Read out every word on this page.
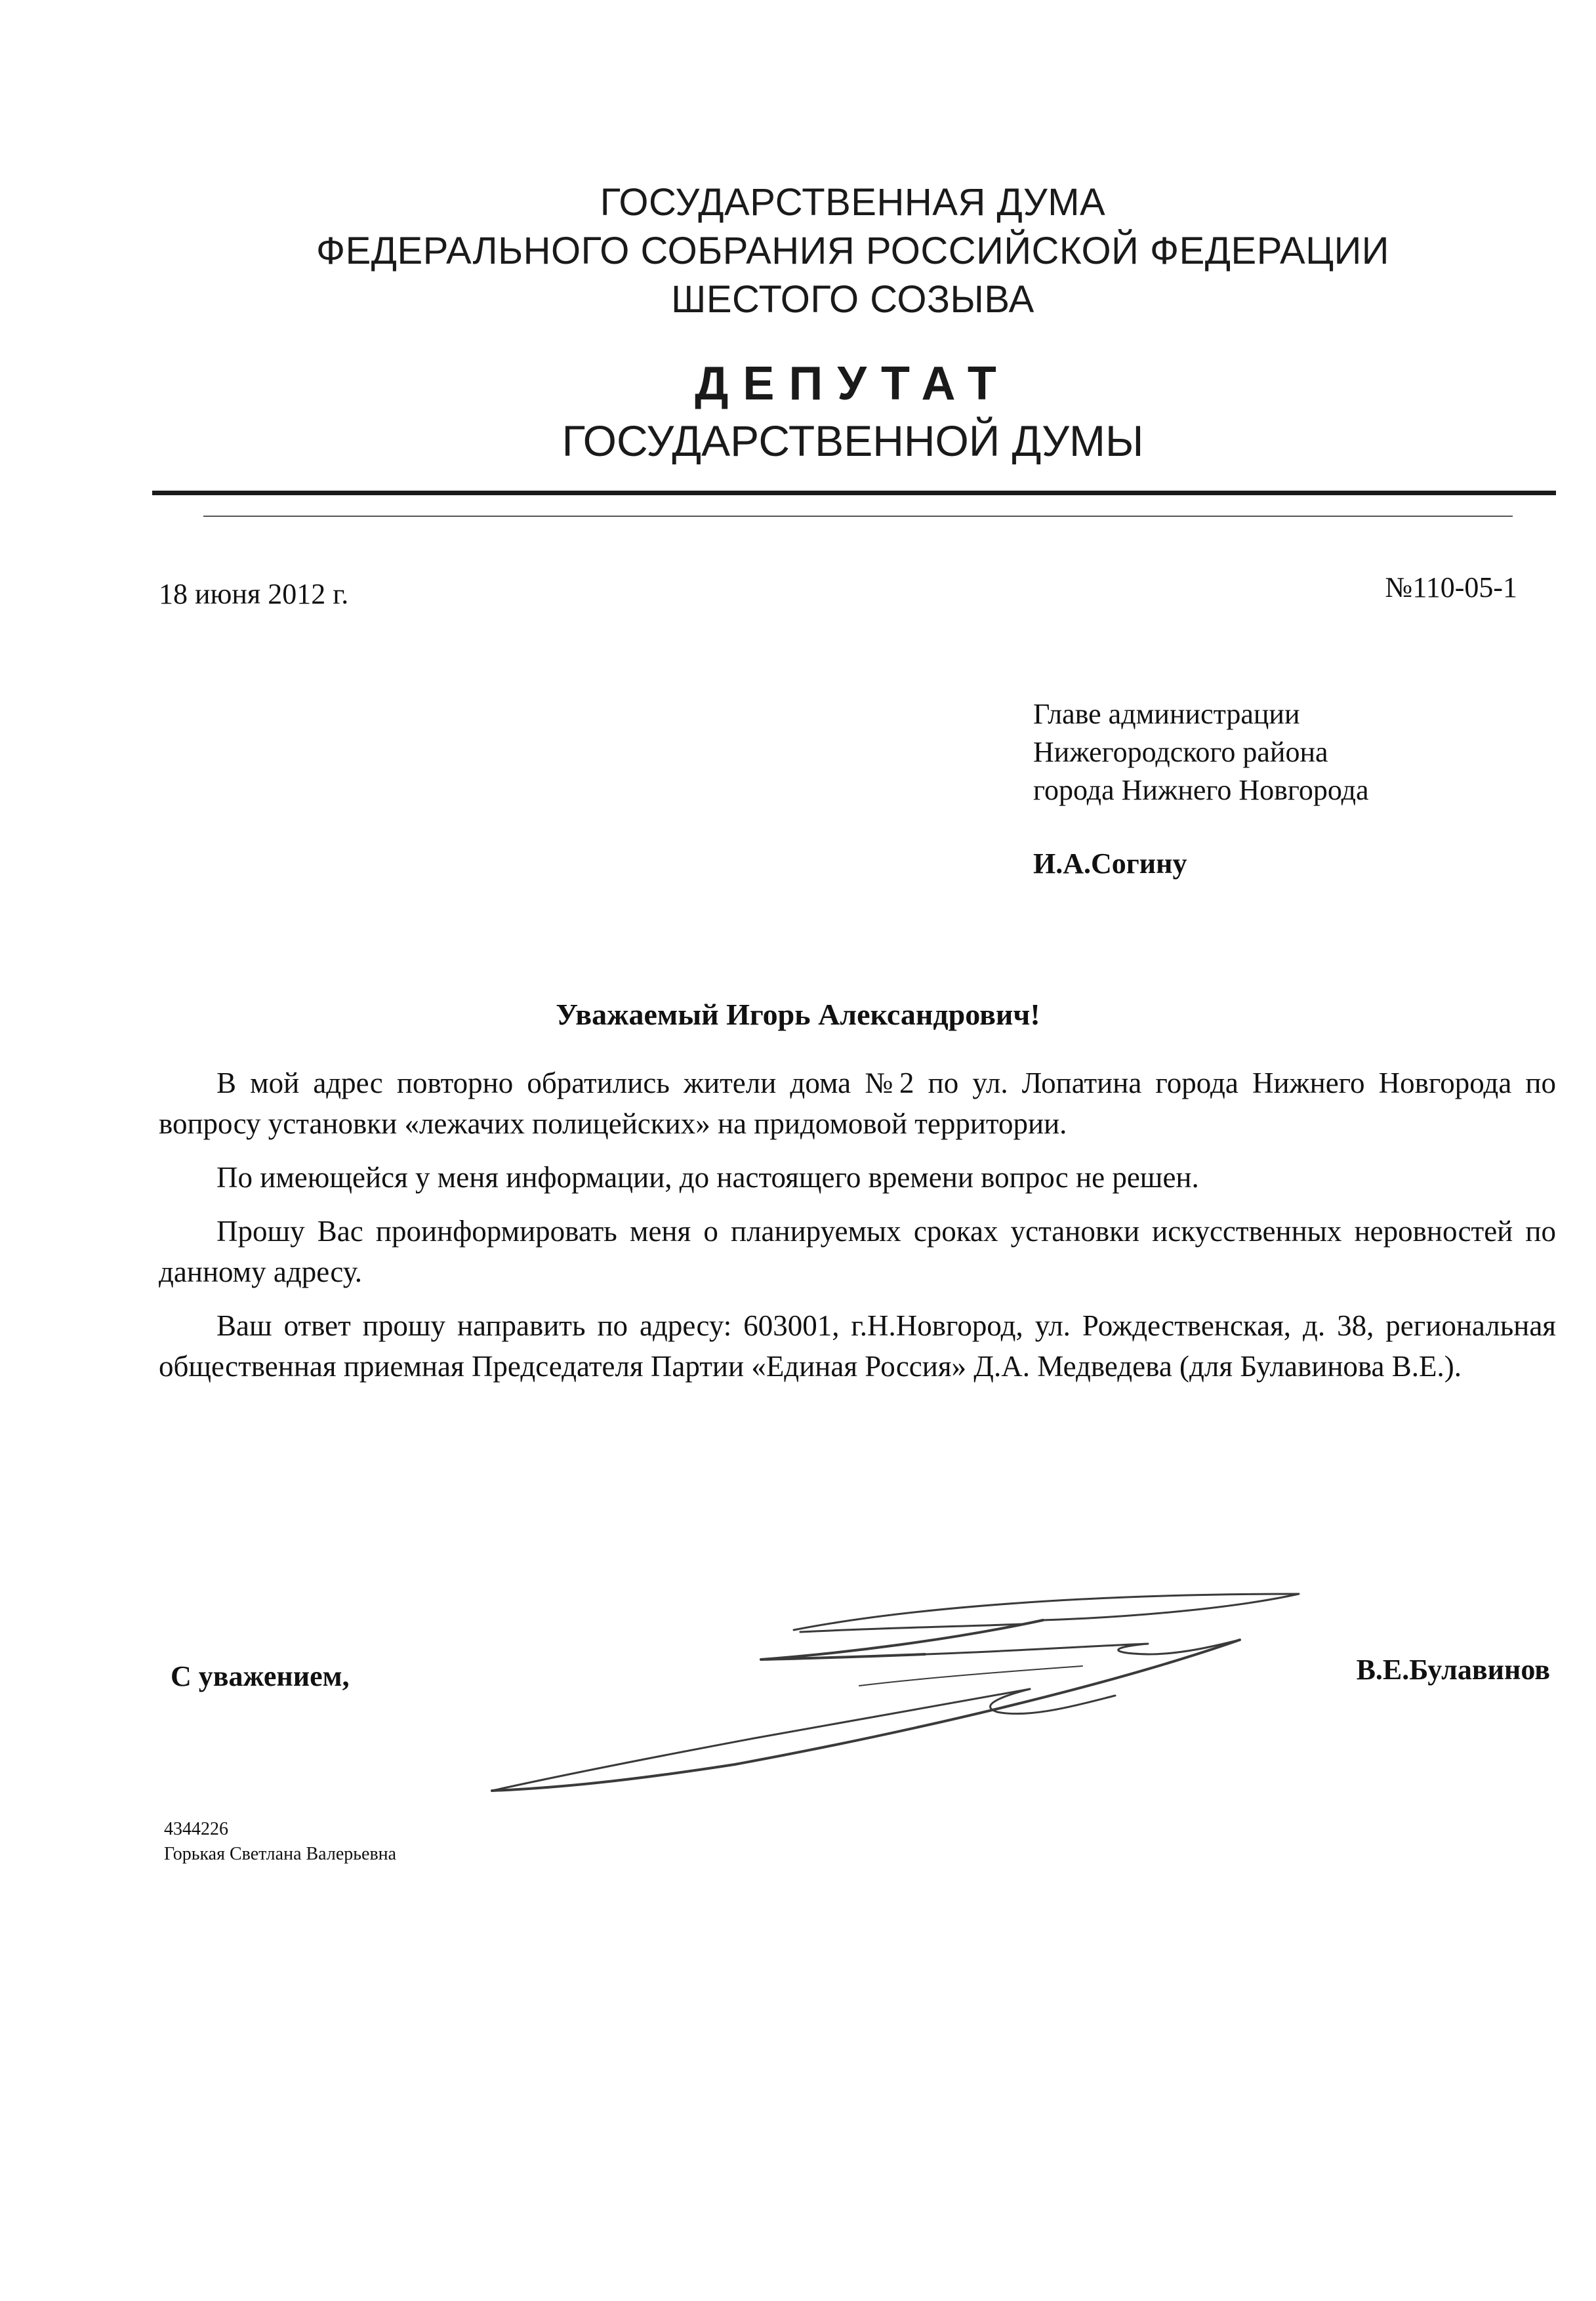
ГОСУДАРСТВЕННАЯ ДУМА
ФЕДЕРАЛЬНОГО СОБРАНИЯ РОССИЙСКОЙ ФЕДЕРАЦИИ
ШЕСТОГО СОЗЫВА
ДЕПУТАТ
ГОСУДАРСТВЕННОЙ ДУМЫ
18 июня 2012 г.	№110-05-1
Главе администрации
Нижегородского района
города Нижнего Новгорода
И.А.Согину
Уважаемый Игорь Александрович!

В мой адрес повторно обратились жители дома №2 по ул. Лопатина города Нижнего Новгорода по вопросу установки «лежачих полицейских» на придомовой территории.

По имеющейся у меня информации, до настоящего времени вопрос не решен.

Прошу Вас проинформировать меня о планируемых сроках установки искусственных неровностей по данному адресу.

Ваш ответ прошу направить по адресу: 603001, г.Н.Новгород, ул. Рождественская, д. 38, региональная общественная приемная Председателя Партии «Единая Россия» Д.А. Медведева (для Булавинова В.Е.).

С уважением,	В.Е.Булавинов
4344226
Горькая Светлана Валерьевна
